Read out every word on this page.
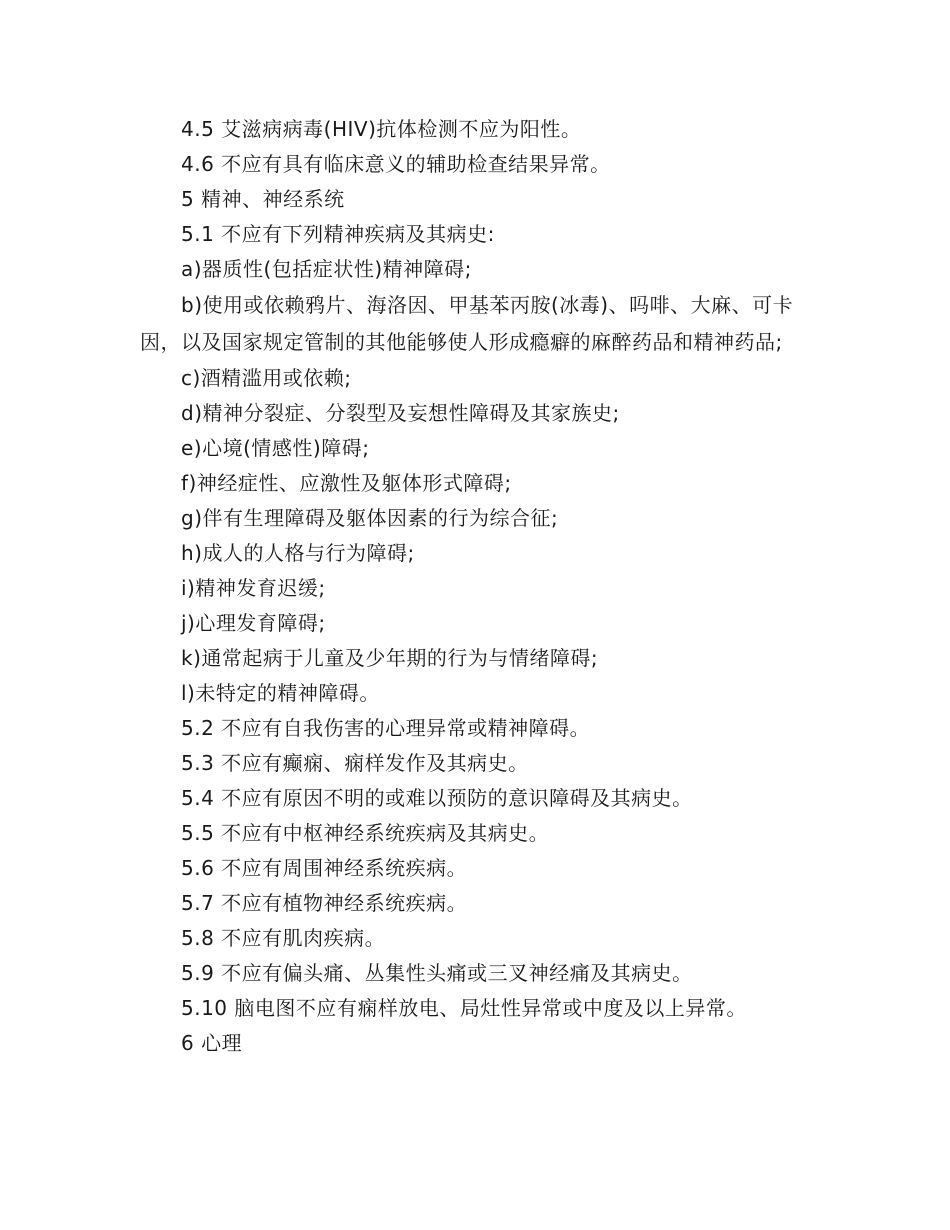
4.5 艾滋病病毒(HIV)抗体检测不应为阳性。
4.6 不应有具有临床意义的辅助检查结果异常。
5 精神、神经系统
5.1 不应有下列精神疾病及其病史:
a)器质性(包括症状性)精神障碍;

b)使用或依赖鸦片、海洛因、甲基苯丙胺(冰毒)、吗啡、大麻、可卡因，以及国家规定管制的其他能够使人形成瘾癖的麻醉药品和精神药品;

c)酒精滥用或依赖;
d)精神分裂症、分裂型及妄想性障碍及其家族史;
e)心境(情感性)障碍;
f)神经症性、应激性及躯体形式障碍;
g)伴有生理障碍及躯体因素的行为综合征;
h)成人的人格与行为障碍;
i)精神发育迟缓;
j)心理发育障碍;
k)通常起病于儿童及少年期的行为与情绪障碍;
l)未特定的精神障碍。
5.2 不应有自我伤害的心理异常或精神障碍。
5.3 不应有癫痫、痫样发作及其病史。
5.4 不应有原因不明的或难以预防的意识障碍及其病史。
5.5 不应有中枢神经系统疾病及其病史。
5.6 不应有周围神经系统疾病。
5.7 不应有植物神经系统疾病。
5.8 不应有肌肉疾病。
5.9 不应有偏头痛、丛集性头痛或三叉神经痛及其病史。
5.10 脑电图不应有痫样放电、局灶性异常或中度及以上异常。
6 心理
